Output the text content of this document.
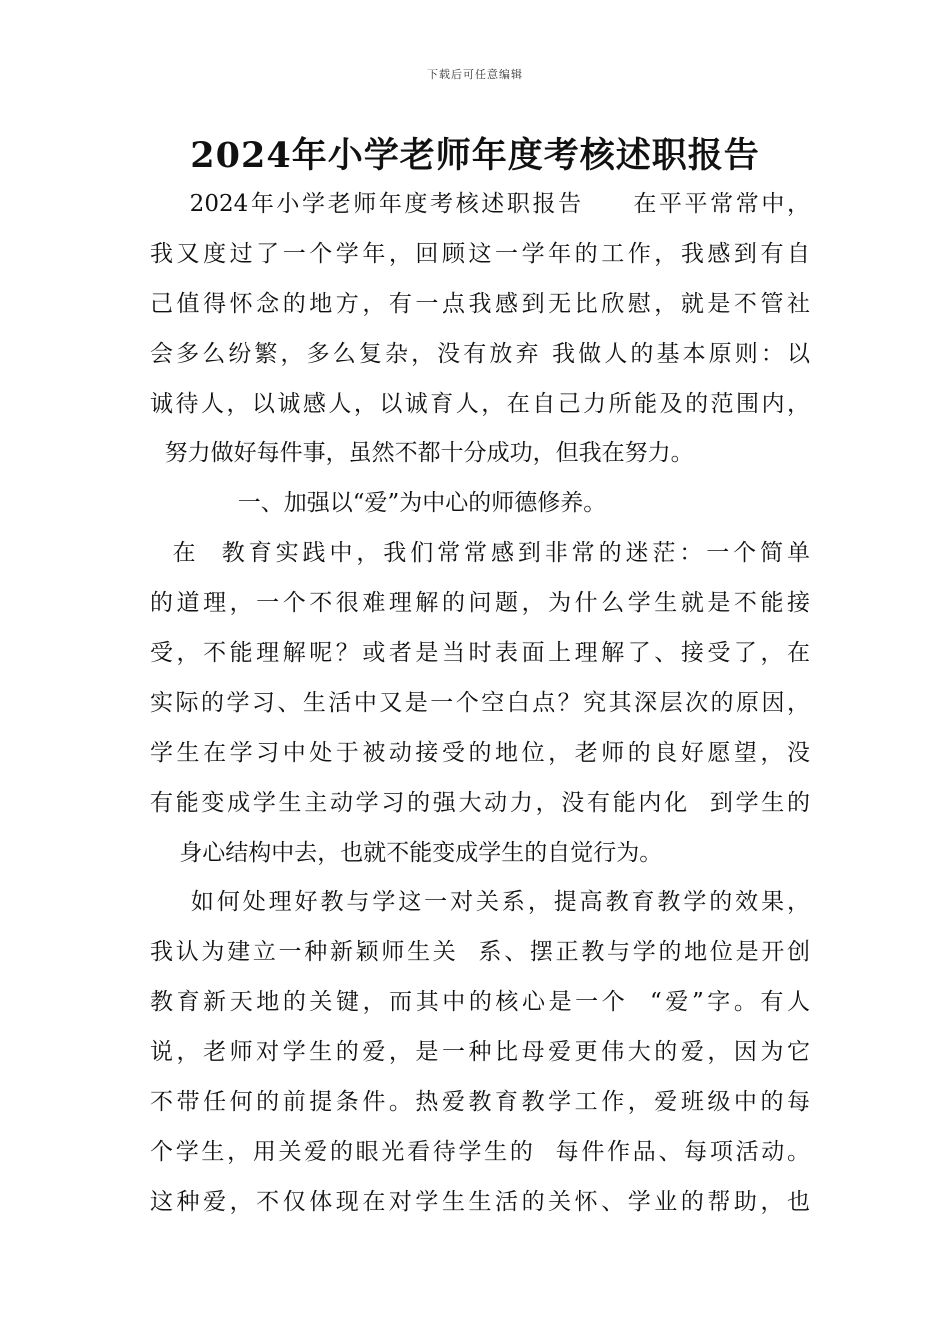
下载后可任意编辑
2024年小学老师年度考核述职报告
2024年小学老师年度考核述职报告     在平平常常中，
我又度过了一个学年，回顾这一学年的工作，我感到有自
己值得怀念的地方，有一点我感到无比欣慰，就是不管社
会多么纷繁，多么复杂，没有放弃 我做人的基本原则：以
诚待人，以诚感人，以诚育人，在自己力所能及的范围内，
努力做好每件事，虽然不都十分成功，但我在努力。
一、加强以“爱”为中心的师德修养。
在  教育实践中，我们常常感到非常的迷茫：一个简单
的道理，一个不很难理解的问题，为什么学生就是不能接
受，不能理解呢？或者是当时表面上理解了、接受了，在
实际的学习、生活中又是一个空白点？究其深层次的原因，
学生在学习中处于被动接受的地位，老师的良好愿望，没
有能变成学生主动学习的强大动力，没有能内化  到学生的
身心结构中去，也就不能变成学生的自觉行为。
如何处理好教与学这一对关系，提高教育教学的效果，
我认为建立一种新颖师生关  系、摆正教与学的地位是开创
教育新天地的关键，而其中的核心是一个  “爱”字。有人
说，老师对学生的爱，是一种比母爱更伟大的爱，因为它
不带任何的前提条件。热爱教育教学工作，爱班级中的每
个学生，用关爱的眼光看待学生的  每件作品、每项活动。
这种爱，不仅体现在对学生生活的关怀、学业的帮助，也
